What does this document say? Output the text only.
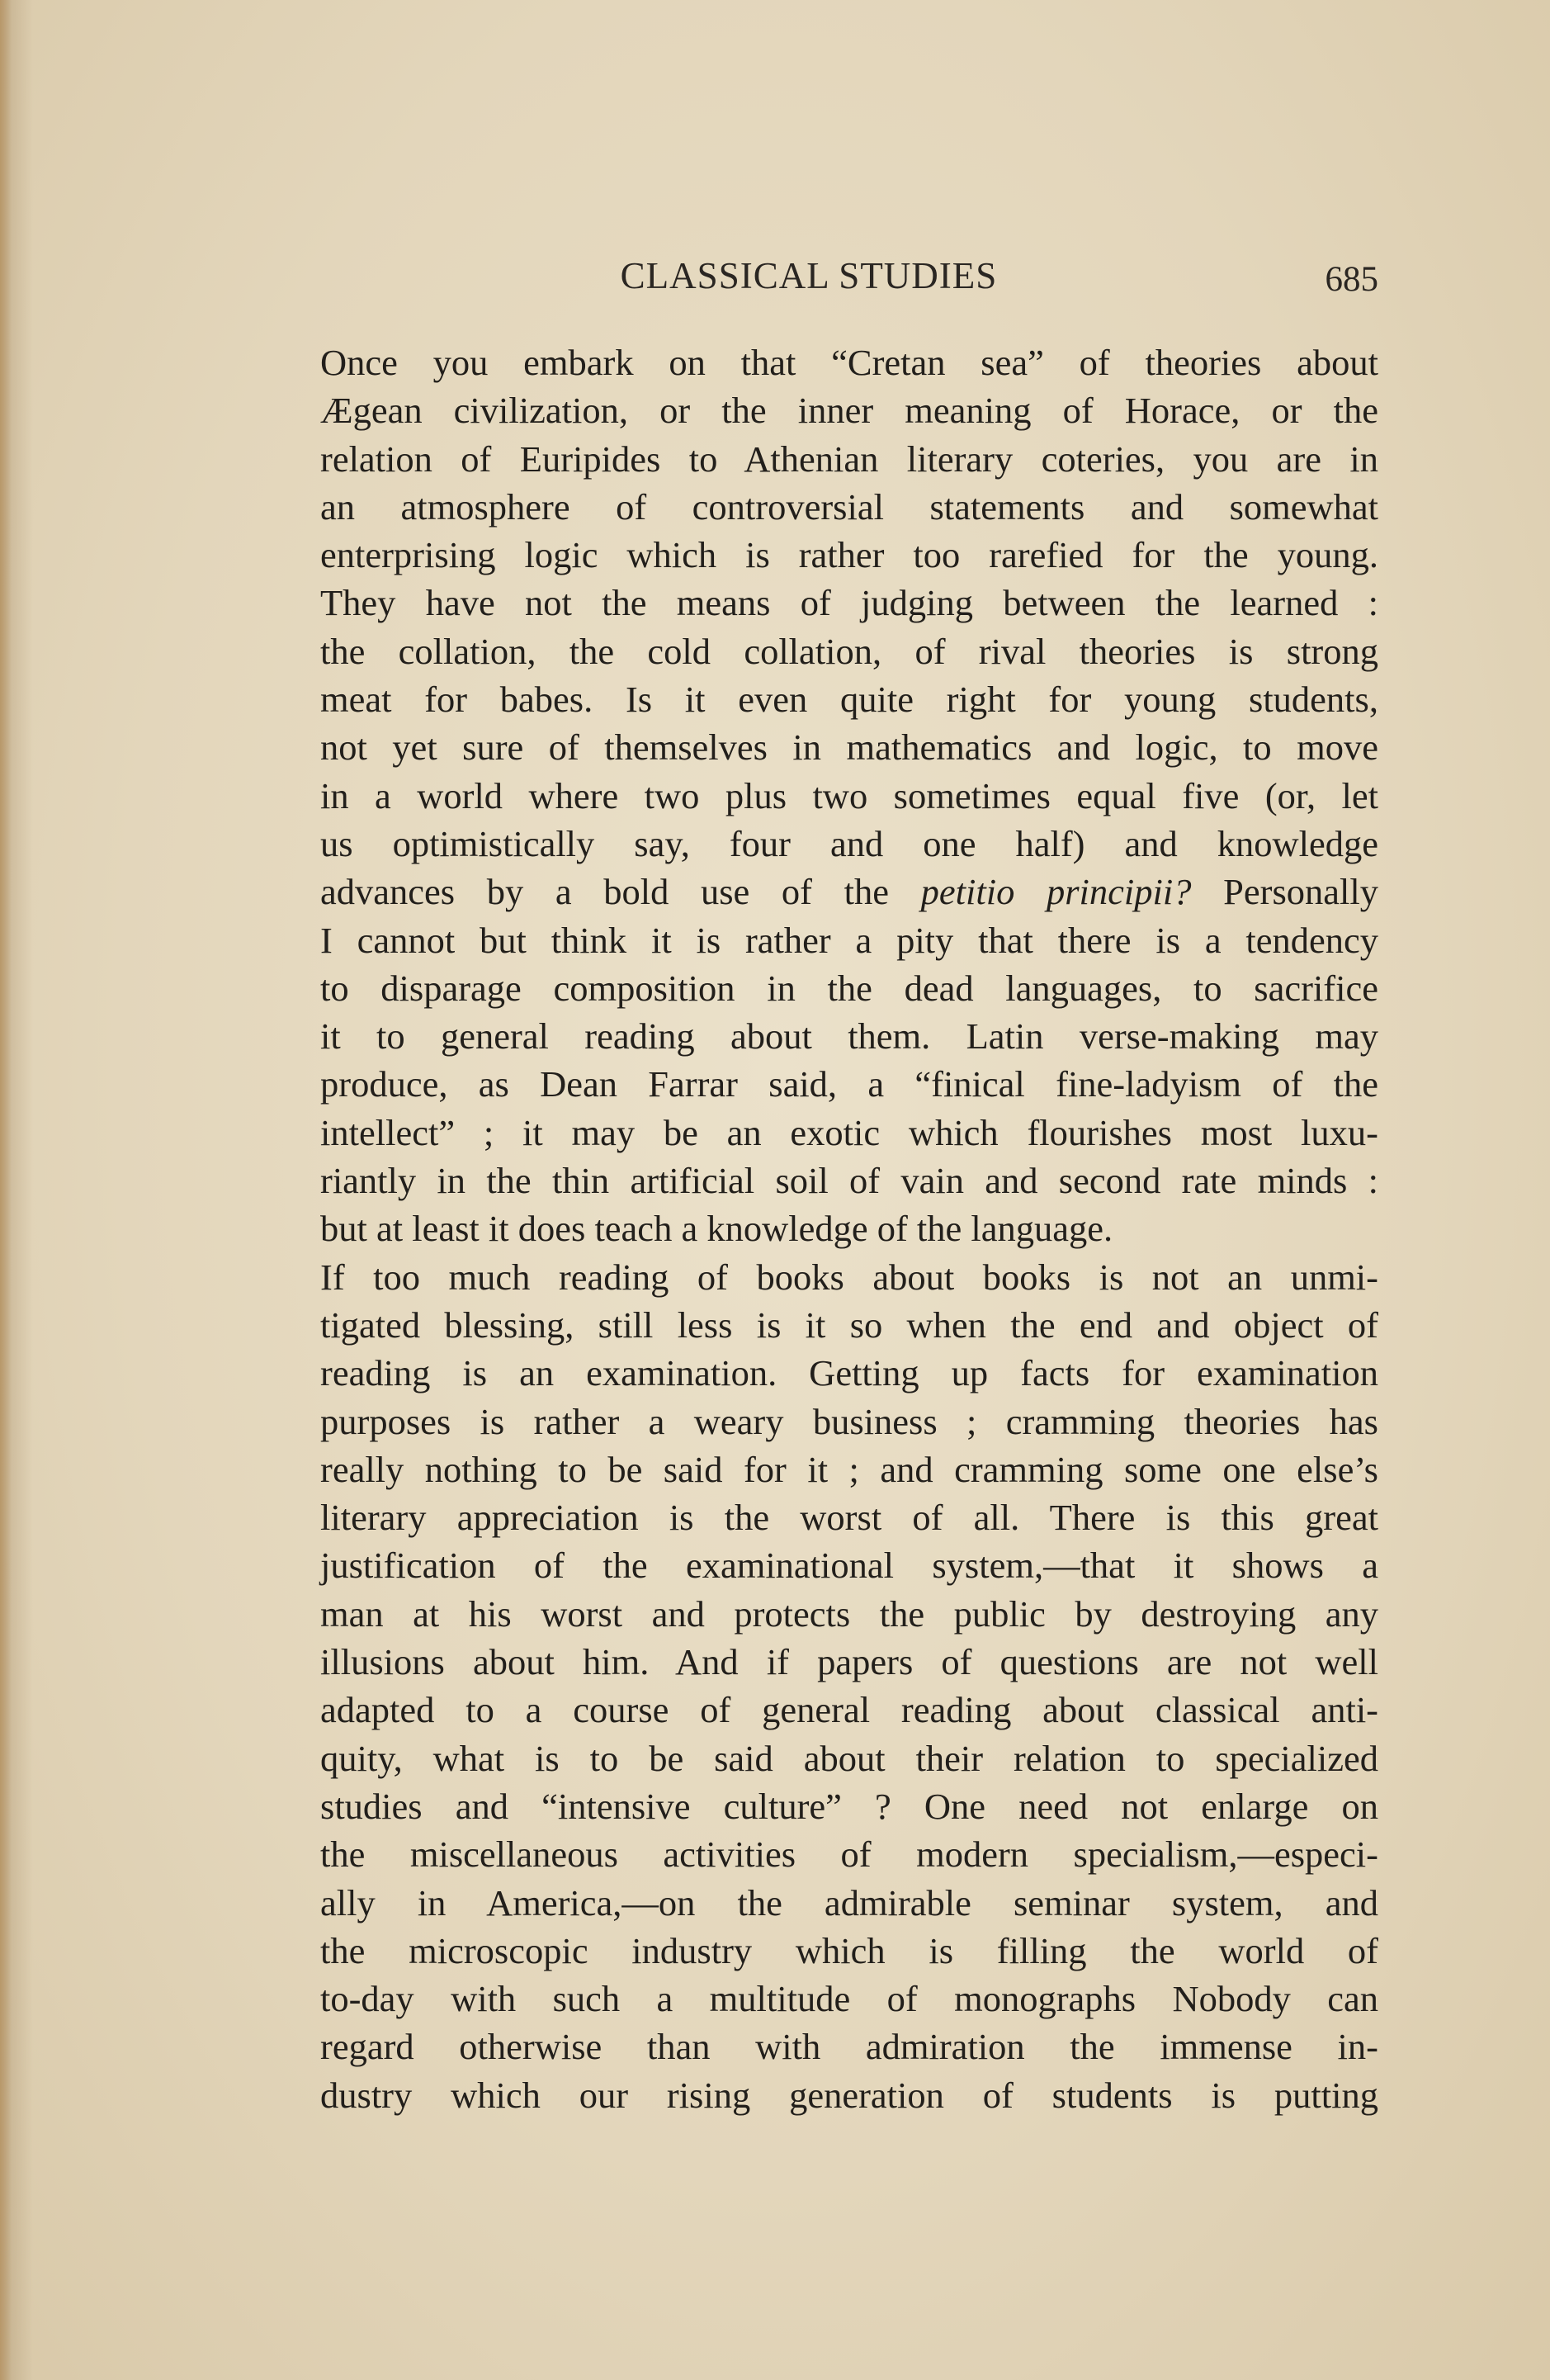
CLASSICAL STUDIES	685

Once you embark on that “Cretan sea” of theories about
Ægean civilization, or the inner meaning of Horace, or the
relation of Euripides to Athenian literary coteries, you are in
an atmosphere of controversial statements and somewhat
enterprising logic which is rather too rarefied for the young.
They have not the means of judging between the learned :
the collation, the cold collation, of rival theories is strong
meat for babes. Is it even quite right for young students,
not yet sure of themselves in mathematics and logic, to move
in a world where two plus two sometimes equal five (or, let
us optimistically say, four and one half) and knowledge
advances by a bold use of the petitio principii? Personally
I cannot but think it is rather a pity that there is a tendency
to disparage composition in the dead languages, to sacrifice
it to general reading about them. Latin verse-making may
produce, as Dean Farrar said, a “finical fine-ladyism of the
intellect” ; it may be an exotic which flourishes most luxu-
riantly in the thin artificial soil of vain and second rate minds :
but at least it does teach a knowledge of the language.

If too much reading of books about books is not an unmi-
tigated blessing, still less is it so when the end and object of
reading is an examination. Getting up facts for examination
purposes is rather a weary business ; cramming theories has
really nothing to be said for it ; and cramming some one else’s
literary appreciation is the worst of all. There is this great
justification of the examinational system,—that it shows a
man at his worst and protects the public by destroying any
illusions about him. And if papers of questions are not well
adapted to a course of general reading about classical anti-
quity, what is to be said about their relation to specialized
studies and “intensive culture” ? One need not enlarge on
the miscellaneous activities of modern specialism,—especi-
ally in America,—on the admirable seminar system, and
the microscopic industry which is filling the world of
to-day with such a multitude of monographs Nobody can
regard otherwise than with admiration the immense in-
dustry which our rising generation of students is putting
